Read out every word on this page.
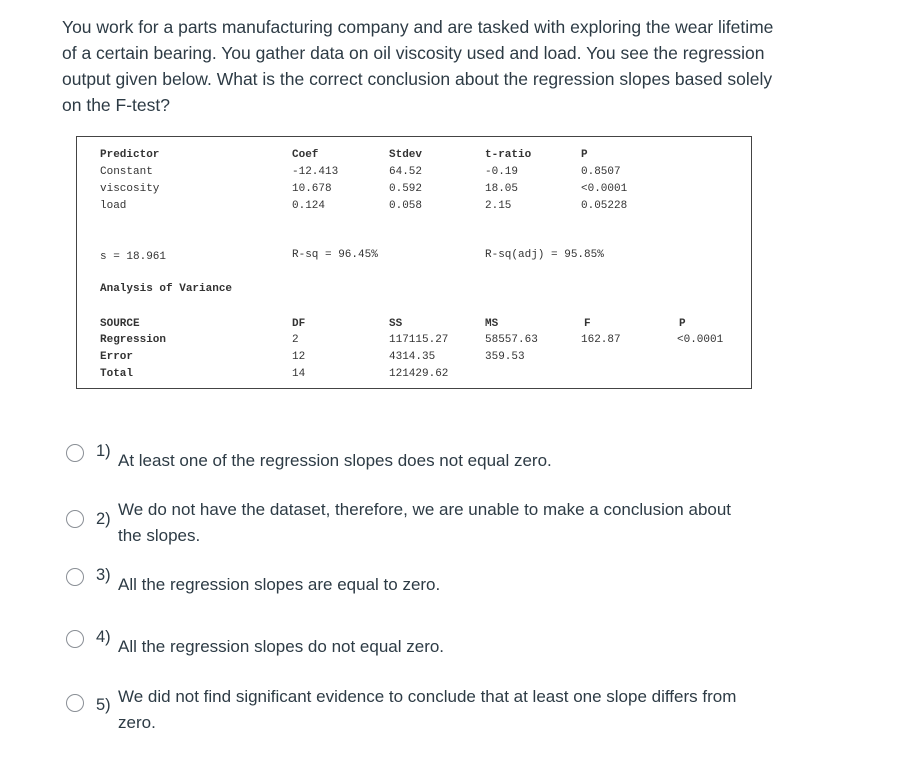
You work for a parts manufacturing company and are tasked with exploring the wear lifetime of a certain bearing. You gather data on oil viscosity used and load. You see the regression output given below. What is the correct conclusion about the regression slopes based solely on the F-test?
Predictor	Coef	Stdev	t-ratio	P
Constant	-12.413	64.52	-0.19	0.8507
viscosity	10.678	0.592	18.05	<0.0001
load	0.124	0.058	2.15	0.05228
s = 18.961	R-sq = 96.45%	R-sq(adj) = 95.85%
Analysis of Variance
SOURCE	DF	SS	MS	F	P
Regression	2	117115.27	58557.63	162.87	<0.0001
Error	12	4314.35	359.53
Total	14	121429.62
1) At least one of the regression slopes does not equal zero.
2) We do not have the dataset, therefore, we are unable to make a conclusion about the slopes.
3) All the regression slopes are equal to zero.
4) All the regression slopes do not equal zero.
5) We did not find significant evidence to conclude that at least one slope differs from zero.
